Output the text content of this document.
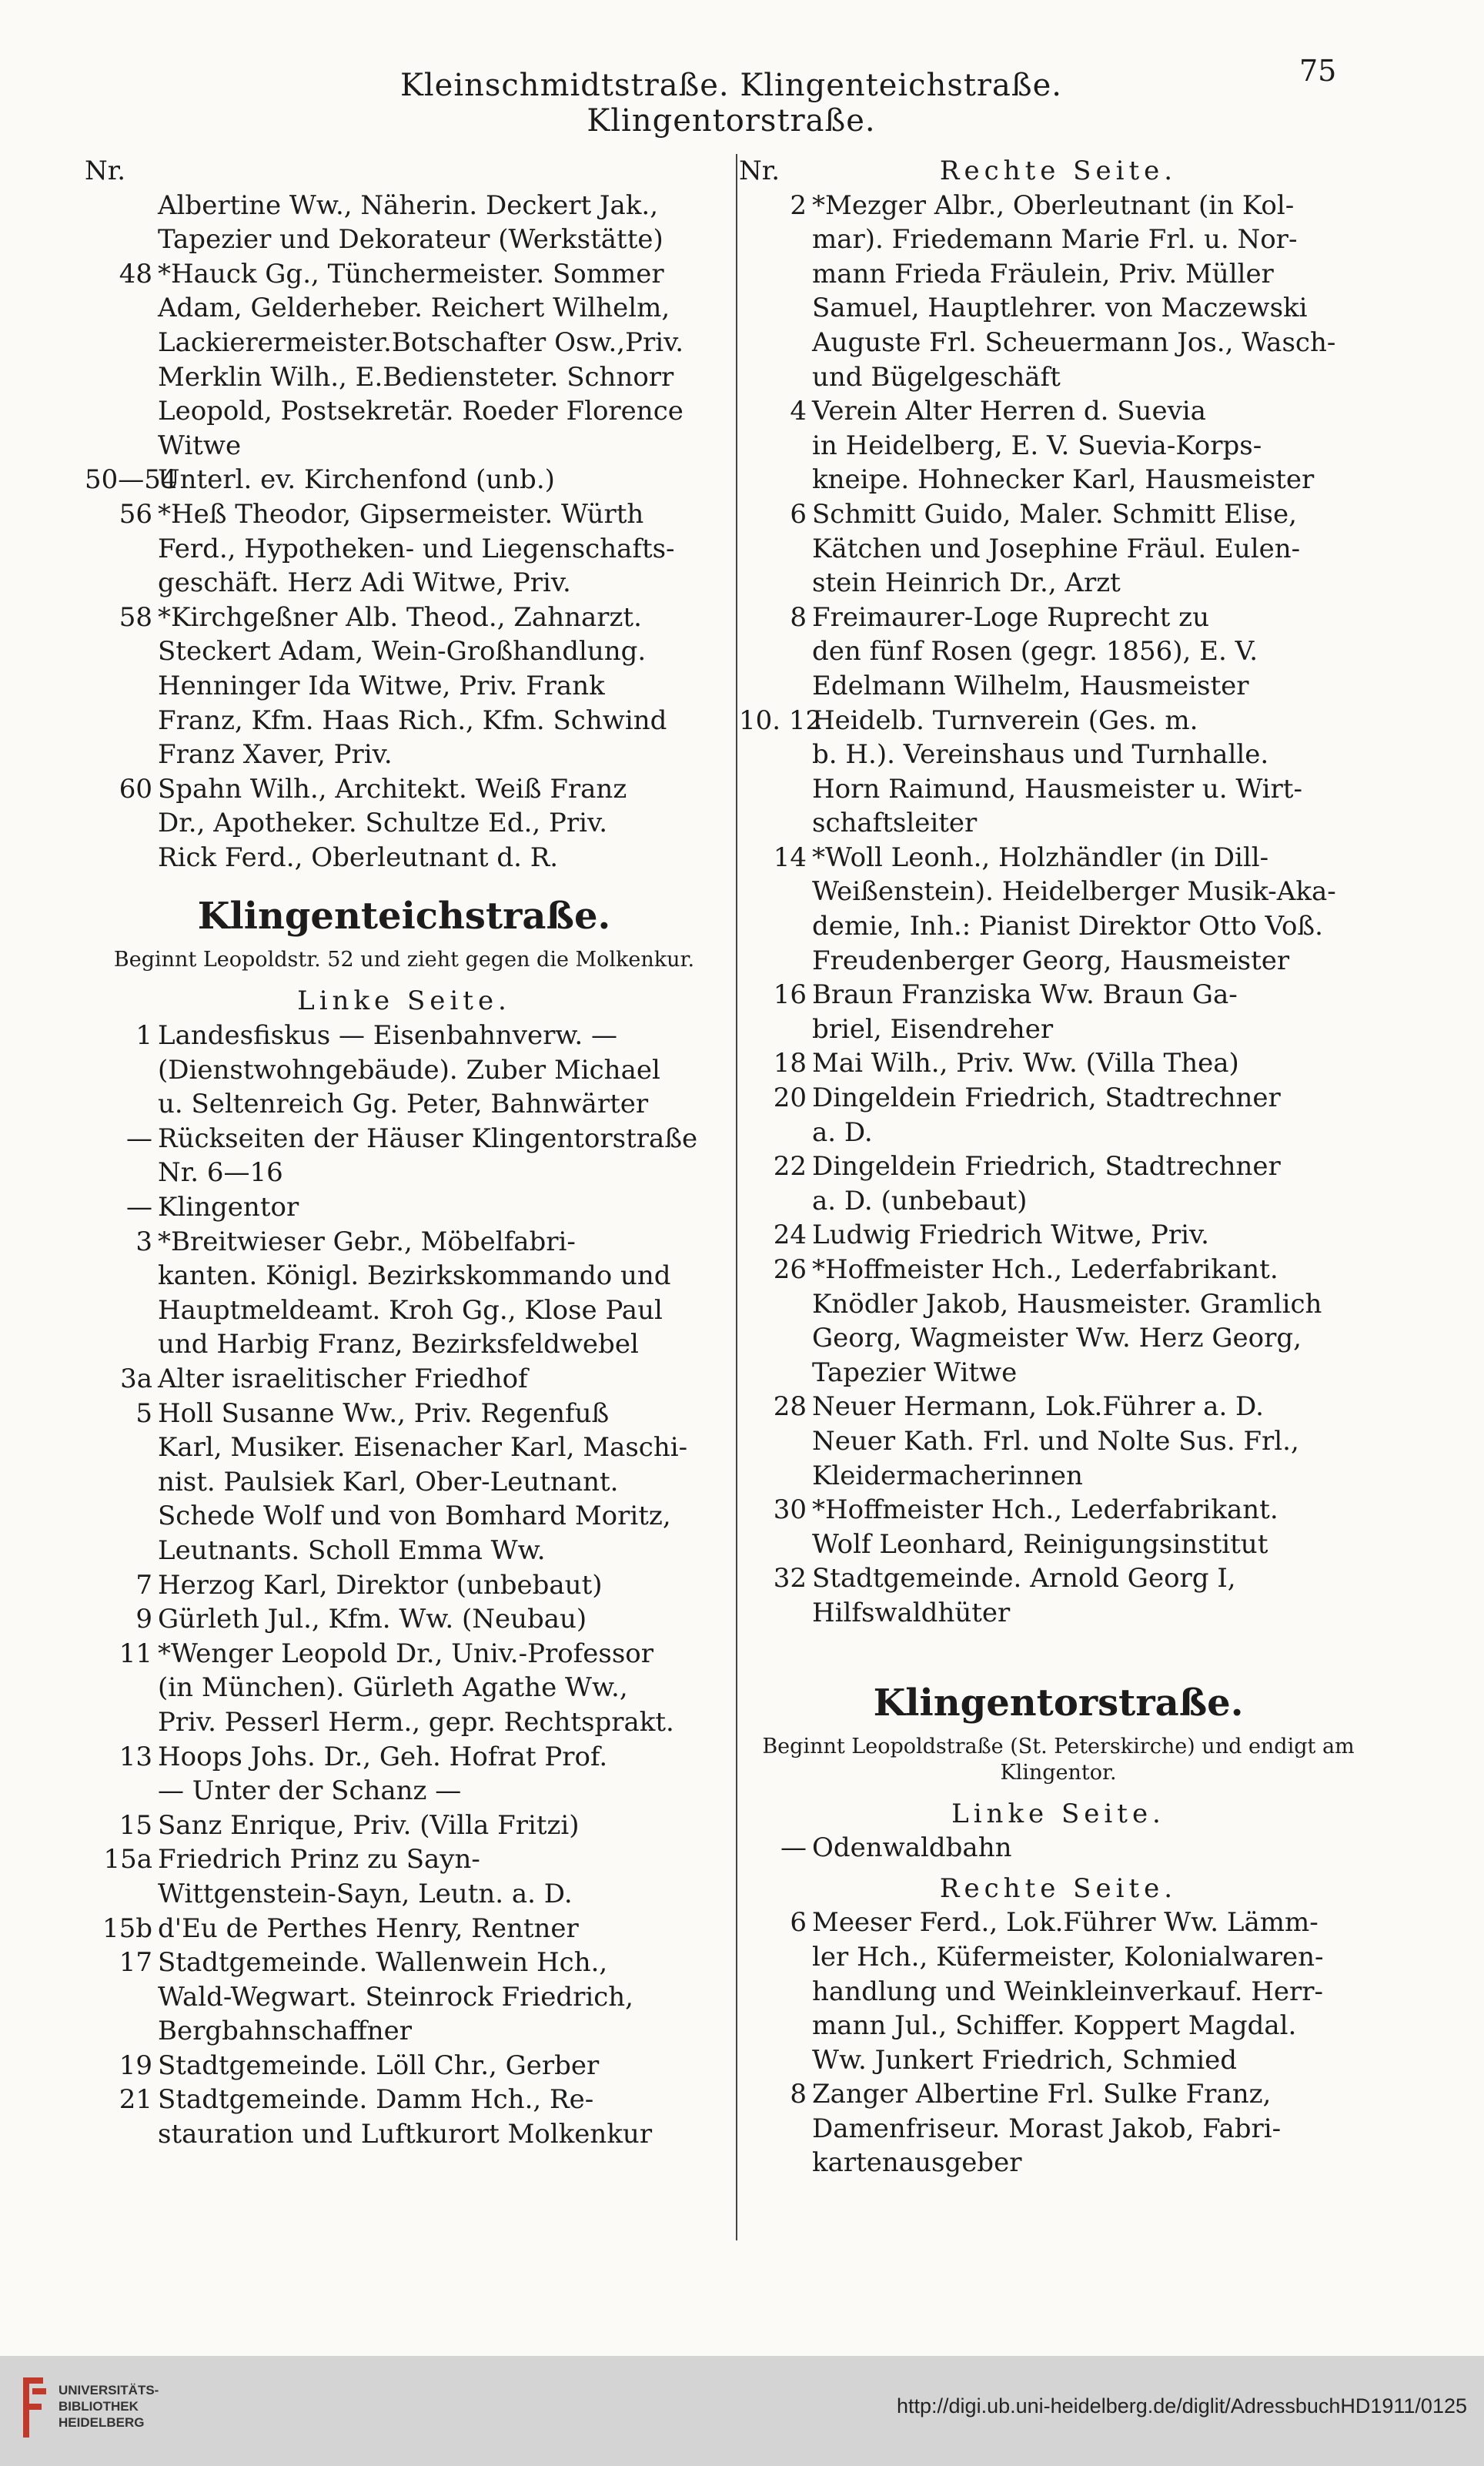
Kleinschmidtstraße. Klingenteichstraße. Klingentorstraße.
75
Nr.
Albertine Ww., Näherin. Deckert Jak.,
Tapezier und Dekorateur (Werkstätte)
48 *Hauck Gg., Tünchermeister. Sommer
Adam, Gelderheber. Reichert Wilhelm,
Lackierermeister.Botschafter Osw.,Priv.
Merklin Wilh., E.Bediensteter. Schnorr
Leopold, Postsekretär. Roeder Florence
Witwe
50—54
Unterl. ev. Kirchenfond (unb.)
56 *Heß Theodor, Gipsermeister. Würth
Ferd., Hypotheken- und Liegenschafts-
geschäft. Herz Adi Witwe, Priv.
58 *Kirchgeßner Alb. Theod., Zahnarzt.
Steckert Adam, Wein-Großhandlung.
Henninger Ida Witwe, Priv. Frank
Franz, Kfm. Haas Rich., Kfm. Schwind
Franz Xaver, Priv.
60 Spahn Wilh., Architekt. Weiß Franz
Dr., Apotheker. Schultze Ed., Priv.
Rick Ferd., Oberleutnant d. R.
Klingenteichstraße.
Beginnt Leopoldstr. 52 und zieht gegen die Molkenkur.
Linke Seite.
1 Landesfiskus — Eisenbahnverw. —
(Dienstwohngebäude). Zuber Michael
u. Seltenreich Gg. Peter, Bahnwärter
— Rückseiten der Häuser Klingentorstraße
Nr. 6—16
— Klingentor
3 *Breitwieser Gebr., Möbelfabri-
kanten. Königl. Bezirkskommando und
Hauptmeldeamt. Kroh Gg., Klose Paul
und Harbig Franz, Bezirksfeldwebel
3a Alter israelitischer Friedhof
5 Holl Susanne Ww., Priv. Regenfuß
Karl, Musiker. Eisenacher Karl, Maschi-
nist. Paulsiek Karl, Ober-Leutnant.
Schede Wolf und von Bomhard Moritz,
Leutnants. Scholl Emma Ww.
7 Herzog Karl, Direktor (unbebaut)
9 Gürleth Jul., Kfm. Ww. (Neubau)
11 *Wenger Leopold Dr., Univ.-Professor
(in München). Gürleth Agathe Ww.,
Priv. Pesserl Herm., gepr. Rechtsprakt.
13 Hoops Johs. Dr., Geh. Hofrat Prof.
— Unter der Schanz —
15 Sanz Enrique, Priv. (Villa Fritzi)
15a Friedrich Prinz zu Sayn-
Wittgenstein-Sayn, Leutn. a. D.
15b d'Eu de Perthes Henry, Rentner
17 Stadtgemeinde. Wallenwein Hch.,
Wald-Wegwart. Steinrock Friedrich,
Bergbahnschaffner
19 Stadtgemeinde. Löll Chr., Gerber
21 Stadtgemeinde. Damm Hch., Re-
stauration und Luftkurort Molkenkur
Nr.	Rechte Seite.
2 *Mezger Albr., Oberleutnant (in Kol-
mar). Friedemann Marie Frl. u. Nor-
mann Frieda Fräulein, Priv. Müller
Samuel, Hauptlehrer. von Maczewski
Auguste Frl. Scheuermann Jos., Wasch-
und Bügelgeschäft
4 Verein Alter Herren d. Suevia
in Heidelberg, E. V. Suevia-Korps-
kneipe. Hohnecker Karl, Hausmeister
6 Schmitt Guido, Maler. Schmitt Elise,
Kätchen und Josephine Fräul. Eulen-
stein Heinrich Dr., Arzt
8 Freimaurer-Loge Ruprecht zu
den fünf Rosen (gegr. 1856), E. V.
Edelmann Wilhelm, Hausmeister
10. 12
Heidelb. Turnverein (Ges. m.
b. H.). Vereinshaus und Turnhalle.
Horn Raimund, Hausmeister u. Wirt-
schaftsleiter
14 *Woll Leonh., Holzhändler (in Dill-
Weißenstein). Heidelberger Musik-Aka-
demie, Inh.: Pianist Direktor Otto Voß.
Freudenberger Georg, Hausmeister
16 Braun Franziska Ww. Braun Ga-
briel, Eisendreher
18 Mai Wilh., Priv. Ww. (Villa Thea)
20 Dingeldein Friedrich, Stadtrechner
a. D.
22 Dingeldein Friedrich, Stadtrechner
a. D. (unbebaut)
24 Ludwig Friedrich Witwe, Priv.
26 *Hoffmeister Hch., Lederfabrikant.
Knödler Jakob, Hausmeister. Gramlich
Georg, Wagmeister Ww. Herz Georg,
Tapezier Witwe
28 Neuer Hermann, Lok.Führer a. D.
Neuer Kath. Frl. und Nolte Sus. Frl.,
Kleidermacherinnen
30 *Hoffmeister Hch., Lederfabrikant.
Wolf Leonhard, Reinigungsinstitut
32 Stadtgemeinde. Arnold Georg I,
Hilfswaldhüter
Klingentorstraße.
Beginnt Leopoldstraße (St. Peterskirche) und endigt am Klingentor.
Linke Seite.
— Odenwaldbahn
Rechte Seite.
6 Meeser Ferd., Lok.Führer Ww. Lämm-
ler Hch., Küfermeister, Kolonialwaren-
handlung und Weinkleinverkauf. Herr-
mann Jul., Schiffer. Koppert Magdal.
Ww. Junkert Friedrich, Schmied
8 Zanger Albertine Frl. Sulke Franz,
Damenfriseur. Morast Jakob, Fabri-
kartenausgeber
UNIVERSITÄTS-
BIBLIOTHEK
HEIDELBERG
http://digi.ub.uni-heidelberg.de/diglit/AdressbuchHD1911/0125
